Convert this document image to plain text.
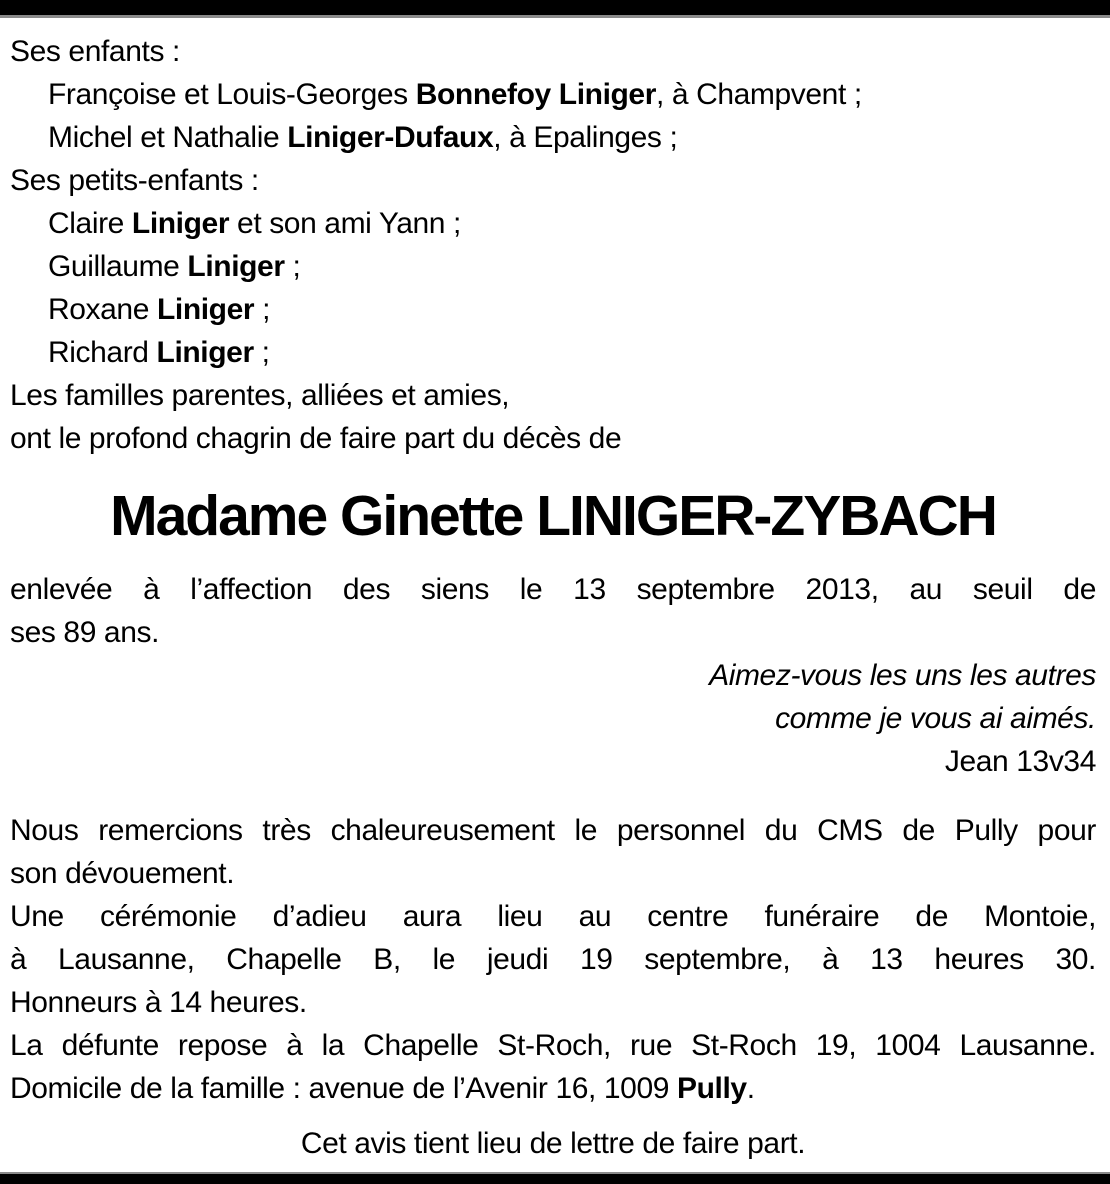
Ses enfants :
Françoise et Louis-Georges Bonnefoy Liniger, à Champvent ;
Michel et Nathalie Liniger-Dufaux, à Epalinges ;
Ses petits-enfants :
Claire Liniger et son ami Yann ;
Guillaume Liniger ;
Roxane Liniger ;
Richard Liniger ;
Les familles parentes, alliées et amies,
ont le profond chagrin de faire part du décès de
Madame Ginette LINIGER-ZYBACH
enlevée à l’affection des siens le 13 septembre 2013, au seuil de
ses 89 ans.
Aimez-vous les uns les autres
comme je vous ai aimés.
Jean 13v34
Nous remercions très chaleureusement le personnel du CMS de Pully pour
son dévouement.
Une cérémonie d’adieu aura lieu au centre funéraire de Montoie,
à Lausanne, Chapelle B, le jeudi 19 septembre, à 13 heures 30.
Honneurs à 14 heures.
La défunte repose à la Chapelle St-Roch, rue St-Roch 19, 1004 Lausanne.
Domicile de la famille : avenue de l’Avenir 16, 1009 Pully.
Cet avis tient lieu de lettre de faire part.
